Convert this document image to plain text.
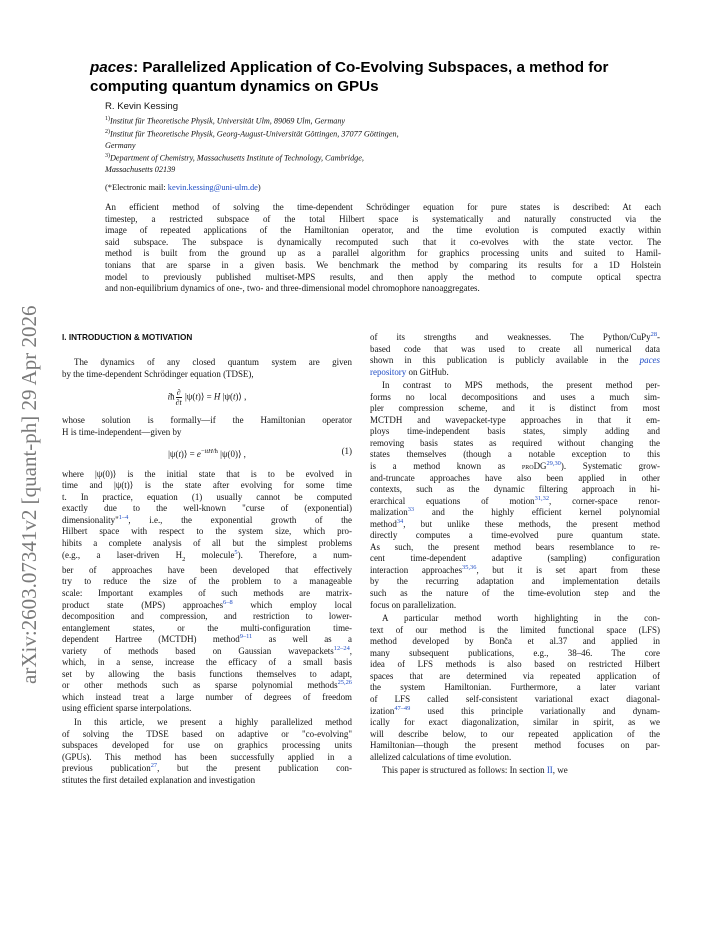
arXiv:2603.07341v2 [quant-ph] 29 Apr 2026
paces: Parallelized Application of Co-Evolving Subspaces, a method for
computing quantum dynamics on GPUs
R. Kevin Kessing
$^{1)}$Institut für Theoretische Physik, Universität Ulm, 89069 Ulm, Germany
$^{2)}$Institut für Theoretische Physik, Georg-August-Universität Göttingen, 37077 Göttingen,
Germany
$^{3)}$Department of Chemistry, Massachusetts Institute of Technology, Cambridge,
Massachusetts 02139
(*Electronic mail: kevin.kessing@uni-ulm.de)
An efficient method of solving the time-dependent Schrödinger equation for pure states is described: At each
timestep, a restricted subspace of the total Hilbert space is systematically and naturally constructed via the
image of repeated applications of the Hamiltonian operator, and the time evolution is computed exactly within
said subspace. The subspace is dynamically recomputed such that it co-evolves with the state vector. The
method is built from the ground up as a parallel algorithm for graphics processing units and suited to Hamil-
tonians that are sparse in a given basis. We benchmark the method by comparing its results for a 1D Holstein
model to previously published multiset-MPS results, and then apply the method to compute optical spectra
and non-equilibrium dynamics of one-, two- and three-dimensional model chromophore nanoaggregates.
I. INTRODUCTION & MOTIVATION
The dynamics of any closed quantum system are given
by the time-dependent Schrödinger equation (TDSE),
iħ ∂
∂t
|ψ(t)⟩ = H |ψ(t)⟩ ,
whose solution is formally—if the Hamiltonian operator
H is time-independent—given by
|ψ(t)⟩ = $e^{-itH/ħ}$ |ψ(0)⟩ ,	(1)
where |ψ(0)⟩ is the initial state that is to be evolved in
time and |ψ(t)⟩ is the state after evolving for some time
t. In practice, equation (1) usually cannot be computed
exactly due to the well-known "curse of (exponential)
dimensionality"$^{1-4}$, i.e., the exponential growth of the
Hilbert space with respect to the system size, which pro-
hibits a complete analysis of all but the simplest problems
(e.g., a laser-driven $H_2$ molecule$^5$). Therefore, a num-
ber of approaches have been developed that effectively
try to reduce the size of the problem to a manageable
scale: Important examples of such methods are matrix-
product state (MPS) approaches$^{6-8}$ which employ local
decomposition and compression, and restriction to lower-
entanglement states, or the multi-configuration time-
dependent Hartree (MCTDH) method$^{9-11}$ as well as a
variety of methods based on Gaussian wavepackets$^{12-24}$,
which, in a sense, increase the efficacy of a small basis
set by allowing the basis functions themselves to adapt,
or other methods such as sparse polynomial methods$^{25,26}$
which instead treat a large number of degrees of freedom
using efficient sparse interpolations.
In this article, we present a highly parallelized method
of solving the TDSE based on adaptive or "co-evolving"
subspaces developed for use on graphics processing units
(GPUs). This method has been successfully applied in a
previous publication$^{27}$, but the present publication con-
stitutes the first detailed explanation and investigation
of its strengths and weaknesses. The Python/CuPy$^{28}$-
based code that was used to create all numerical data
shown in this publication is publicly available in the paces
repository on GitHub.
In contrast to MPS methods, the present method per-
forms no local decompositions and uses a much sim-
pler compression scheme, and it is distinct from most
MCTDH and wavepacket-type approaches in that it em-
ploys time-independent basis states, simply adding and
removing basis states as required without changing the
states themselves (though a notable exception to this
is a method known as proDG$^{29,30}$). Systematic grow-
and-truncate approaches have also been applied in other
contexts, such as the dynamic filtering approach in hi-
erarchical equations of motion$^{31,32}$, corner-space renor-
malization$^{33}$ and the highly efficient kernel polynomial
method$^{34}$, but unlike these methods, the present method
directly computes a time-evolved pure quantum state.
As such, the present method bears resemblance to re-
cent time-dependent adaptive (sampling) configuration
interaction approaches$^{35,36}$, but it is set apart from these
by the recurring adaptation and implementation details
such as the nature of the time-evolution step and the
focus on parallelization.
A particular method worth highlighting in the con-
text of our method is the limited functional space (LFS)
method developed by Bonča et al.37 and applied in
many subsequent publications, e.g., 38–46. The core
idea of LFS methods is also based on restricted Hilbert
spaces that are determined via repeated application of
the system Hamiltonian. Furthermore, a later variant
of LFS called self-consistent variational exact diagonal-
ization$^{47-49}$ used this principle variationally and dynam-
ically for exact diagonalization, similar in spirit, as we
will describe below, to our repeated application of the
Hamiltonian—though the present method focuses on par-
allelized calculations of time evolution.
This paper is structured as follows: In section II, we
